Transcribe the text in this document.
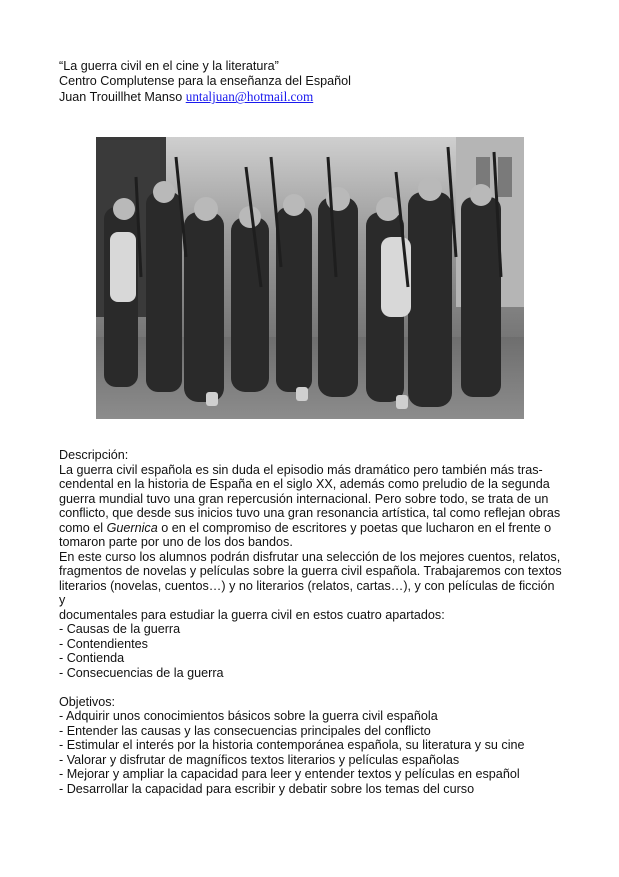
“La guerra civil en el cine y la literatura”
Centro Complutense para la enseñanza del Español
Juan Trouillhet Manso untaljuan@hotmail.com

Descripción:

La guerra civil española es sin duda el episodio más dramático pero también más tras-
cendental en la historia de España en el siglo XX, además como preludio de la segunda
guerra mundial tuvo una gran repercusión internacional. Pero sobre todo, se trata de un
conflicto, que desde sus inicios tuvo una gran resonancia artística, tal como reflejan obras
como el Guernica o en el compromiso de escritores y poetas que lucharon en el frente o
tomaron parte por uno de los dos bandos.
En este curso los alumnos podrán disfrutar una selección de los mejores cuentos, relatos,
fragmentos de novelas y películas sobre la guerra civil española. Trabajaremos con textos
literarios (novelas, cuentos…) y no literarios (relatos, cartas…), y con películas de ficción y
documentales para estudiar la guerra civil en estos cuatro apartados:
- Causas de la guerra
- Contendientes
- Contienda
- Consecuencias de la guerra

Objetivos:

- Adquirir unos conocimientos básicos sobre la guerra civil española
- Entender las causas y las consecuencias principales del conflicto
- Estimular el interés por la historia contemporánea española, su literatura y su cine
- Valorar y disfrutar de magníficos textos literarios y películas españolas
- Mejorar y ampliar la capacidad para leer y entender textos y películas en español
- Desarrollar la capacidad para escribir y debatir sobre los temas del curso
